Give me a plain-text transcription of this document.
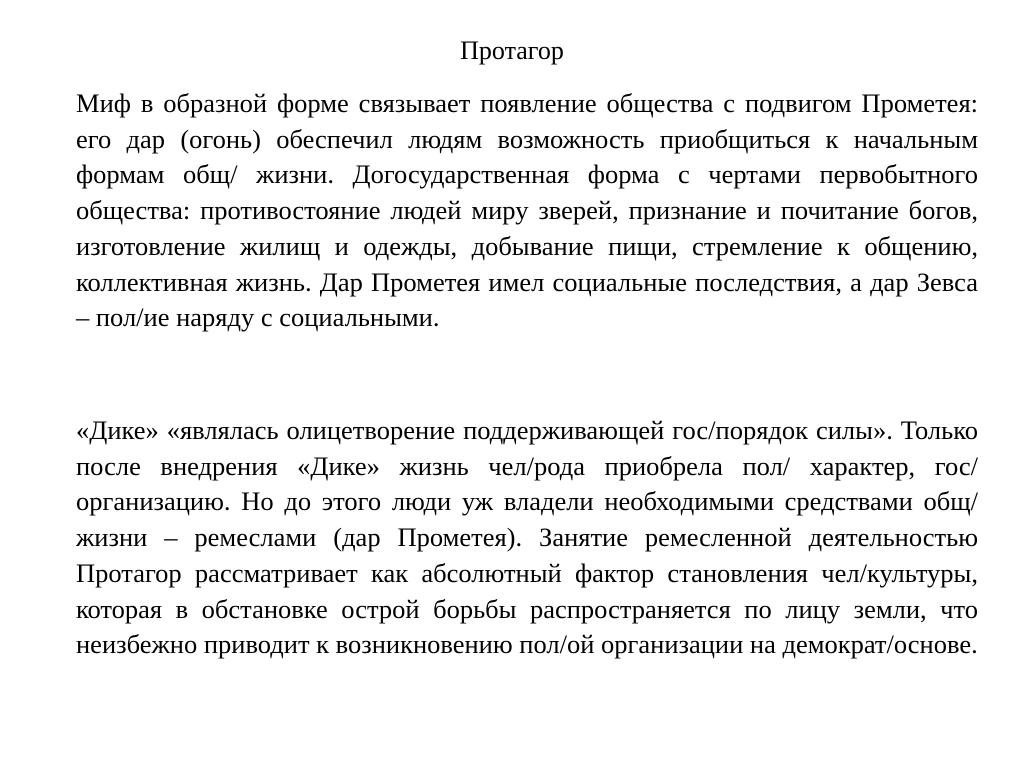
Протагор

Миф в образной форме связывает появление общества с подвигом Прометея: его дар (огонь) обеспечил людям возможность приобщиться к начальным формам общ/ жизни. Догосударственная форма с чертами первобытного общества: противостояние людей миру зверей, признание и почитание богов, изготовление жилищ и одежды, добывание пищи, стремление к общению, коллективная жизнь. Дар Прометея имел социальные последствия, а дар Зевса – пол/ие наряду с социальными.

«Дике» «являлась олицетворение поддерживающей гос/порядок силы». Только после внедрения «Дике» жизнь чел/рода приобрела пол/ характер, гос/организацию. Но до этого люди уж владели необходимыми средствами общ/жизни – ремеслами (дар Прометея). Занятие ремесленной деятельностью Протагор рассматривает как абсолютный фактор становления чел/культуры, которая в обстановке острой борьбы распространяется по лицу земли, что неизбежно приводит к возникновению пол/ой организации на демократ/основе.
